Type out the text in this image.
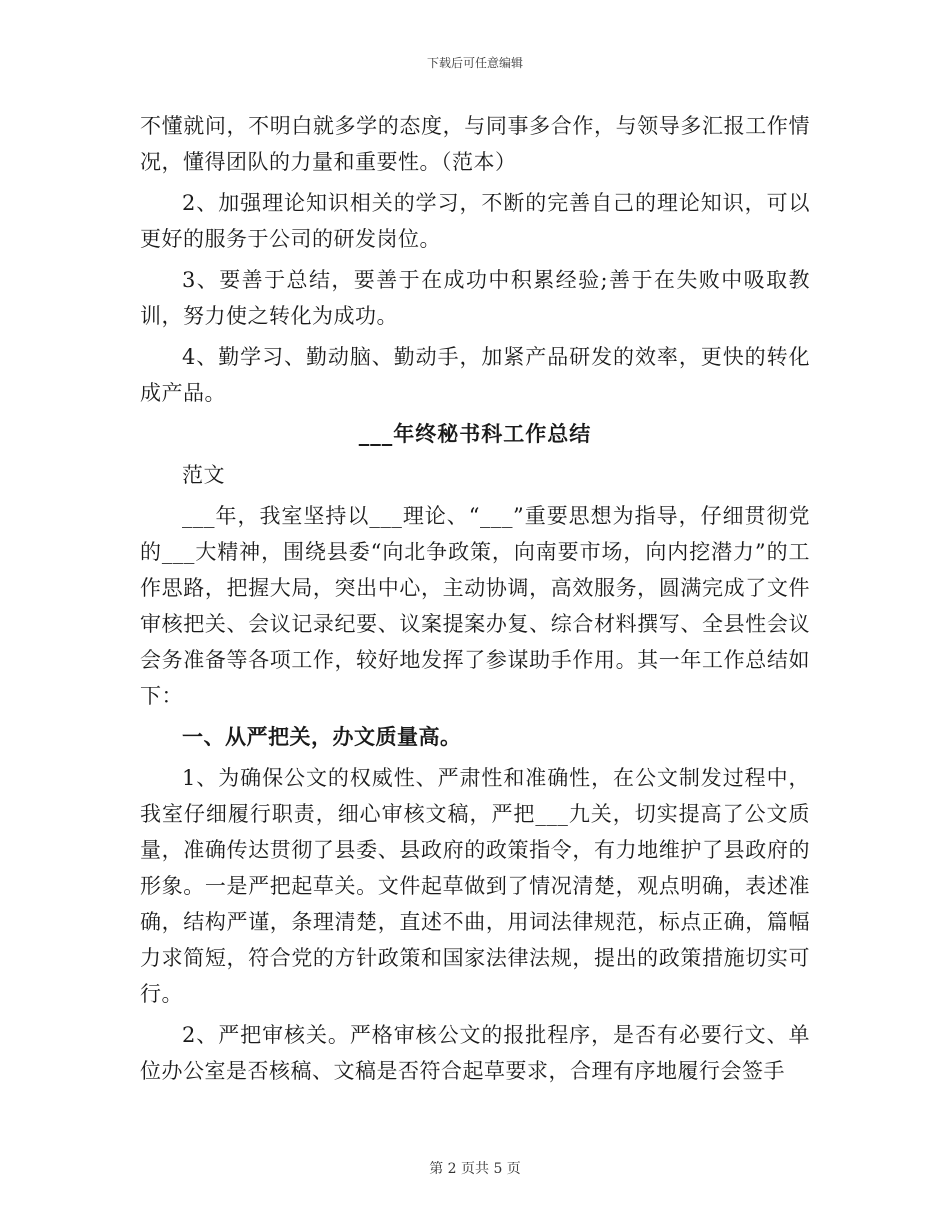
下载后可任意编辑

不懂就问，不明白就多学的态度，与同事多合作，与领导多汇报工作情况，懂得团队的力量和重要性。（范本）

2、加强理论知识相关的学习，不断的完善自己的理论知识，可以更好的服务于公司的研发岗位。

3、要善于总结，要善于在成功中积累经验;善于在失败中吸取教训，努力使之转化为成功。

4、勤学习、勤动脑、勤动手，加紧产品研发的效率，更快的转化成产品。

___年终秘书科工作总结

范文

___年，我室坚持以___理论、“___”重要思想为指导，仔细贯彻党的___大精神，围绕县委“向北争政策，向南要市场，向内挖潜力”的工作思路，把握大局，突出中心，主动协调，高效服务，圆满完成了文件审核把关、会议记录纪要、议案提案办复、综合材料撰写、全县性会议会务准备等各项工作，较好地发挥了参谋助手作用。其一年工作总结如下：

一、从严把关，办文质量高。

1、为确保公文的权威性、严肃性和准确性，在公文制发过程中，我室仔细履行职责，细心审核文稿，严把___九关，切实提高了公文质量，准确传达贯彻了县委、县政府的政策指令，有力地维护了县政府的形象。一是严把起草关。文件起草做到了情况清楚，观点明确，表述准确，结构严谨，条理清楚，直述不曲，用词法律规范，标点正确，篇幅力求简短，符合党的方针政策和国家法律法规，提出的政策措施切实可行。

2、严把审核关。严格审核公文的报批程序，是否有必要行文、单位办公室是否核稿、文稿是否符合起草要求，合理有序地履行会签手

第 2 页共 5 页
